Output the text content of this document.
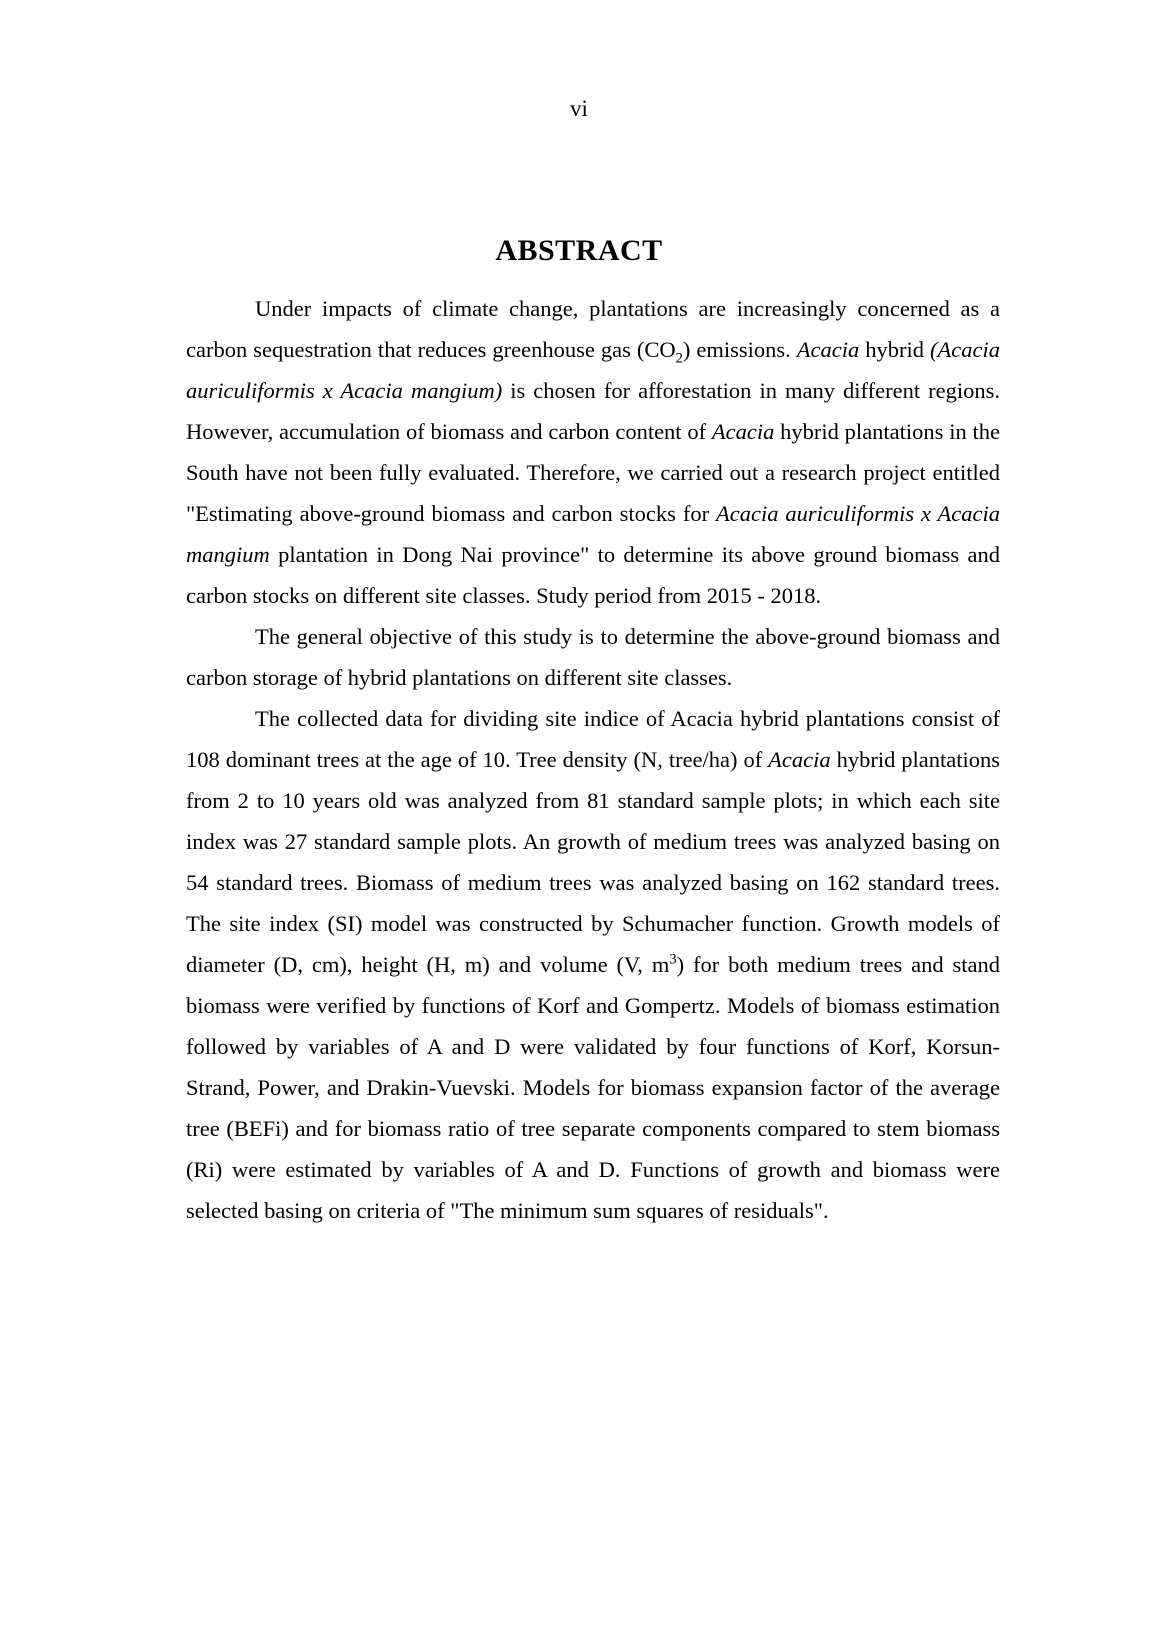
vi
ABSTRACT

Under impacts of climate change, plantations are increasingly concerned as a carbon sequestration that reduces greenhouse gas $(CO_2)$ emissions. Acacia hybrid (Acacia auriculiformis x Acacia mangium) is chosen for afforestation in many different regions. However, accumulation of biomass and carbon content of Acacia hybrid plantations in the South have not been fully evaluated. Therefore, we carried out a research project entitled "Estimating above-ground biomass and carbon stocks for Acacia auriculiformis x Acacia mangium plantation in Dong Nai province" to determine its above ground biomass and carbon stocks on different site classes. Study period from 2015 - 2018.

The general objective of this study is to determine the above-ground biomass and carbon storage of hybrid plantations on different site classes.

The collected data for dividing site indice of Acacia hybrid plantations consist of 108 dominant trees at the age of 10. Tree density (N, tree/ha) of Acacia hybrid plantations from 2 to 10 years old was analyzed from 81 standard sample plots; in which each site index was 27 standard sample plots. An growth of medium trees was analyzed basing on 54 standard trees. Biomass of medium trees was analyzed basing on 162 standard trees. The site index (SI) model was constructed by Schumacher function. Growth models of diameter (D, cm), height (H, m) and volume (V, $m^3$) for both medium trees and stand biomass were verified by functions of Korf and Gompertz. Models of biomass estimation followed by variables of A and D were validated by four functions of Korf, Korsun-Strand, Power, and Drakin-Vuevski. Models for biomass expansion factor of the average tree (BEFi) and for biomass ratio of tree separate components compared to stem biomass (Ri) were estimated by variables of A and D. Functions of growth and biomass were selected basing on criteria of "The minimum sum squares of residuals".
